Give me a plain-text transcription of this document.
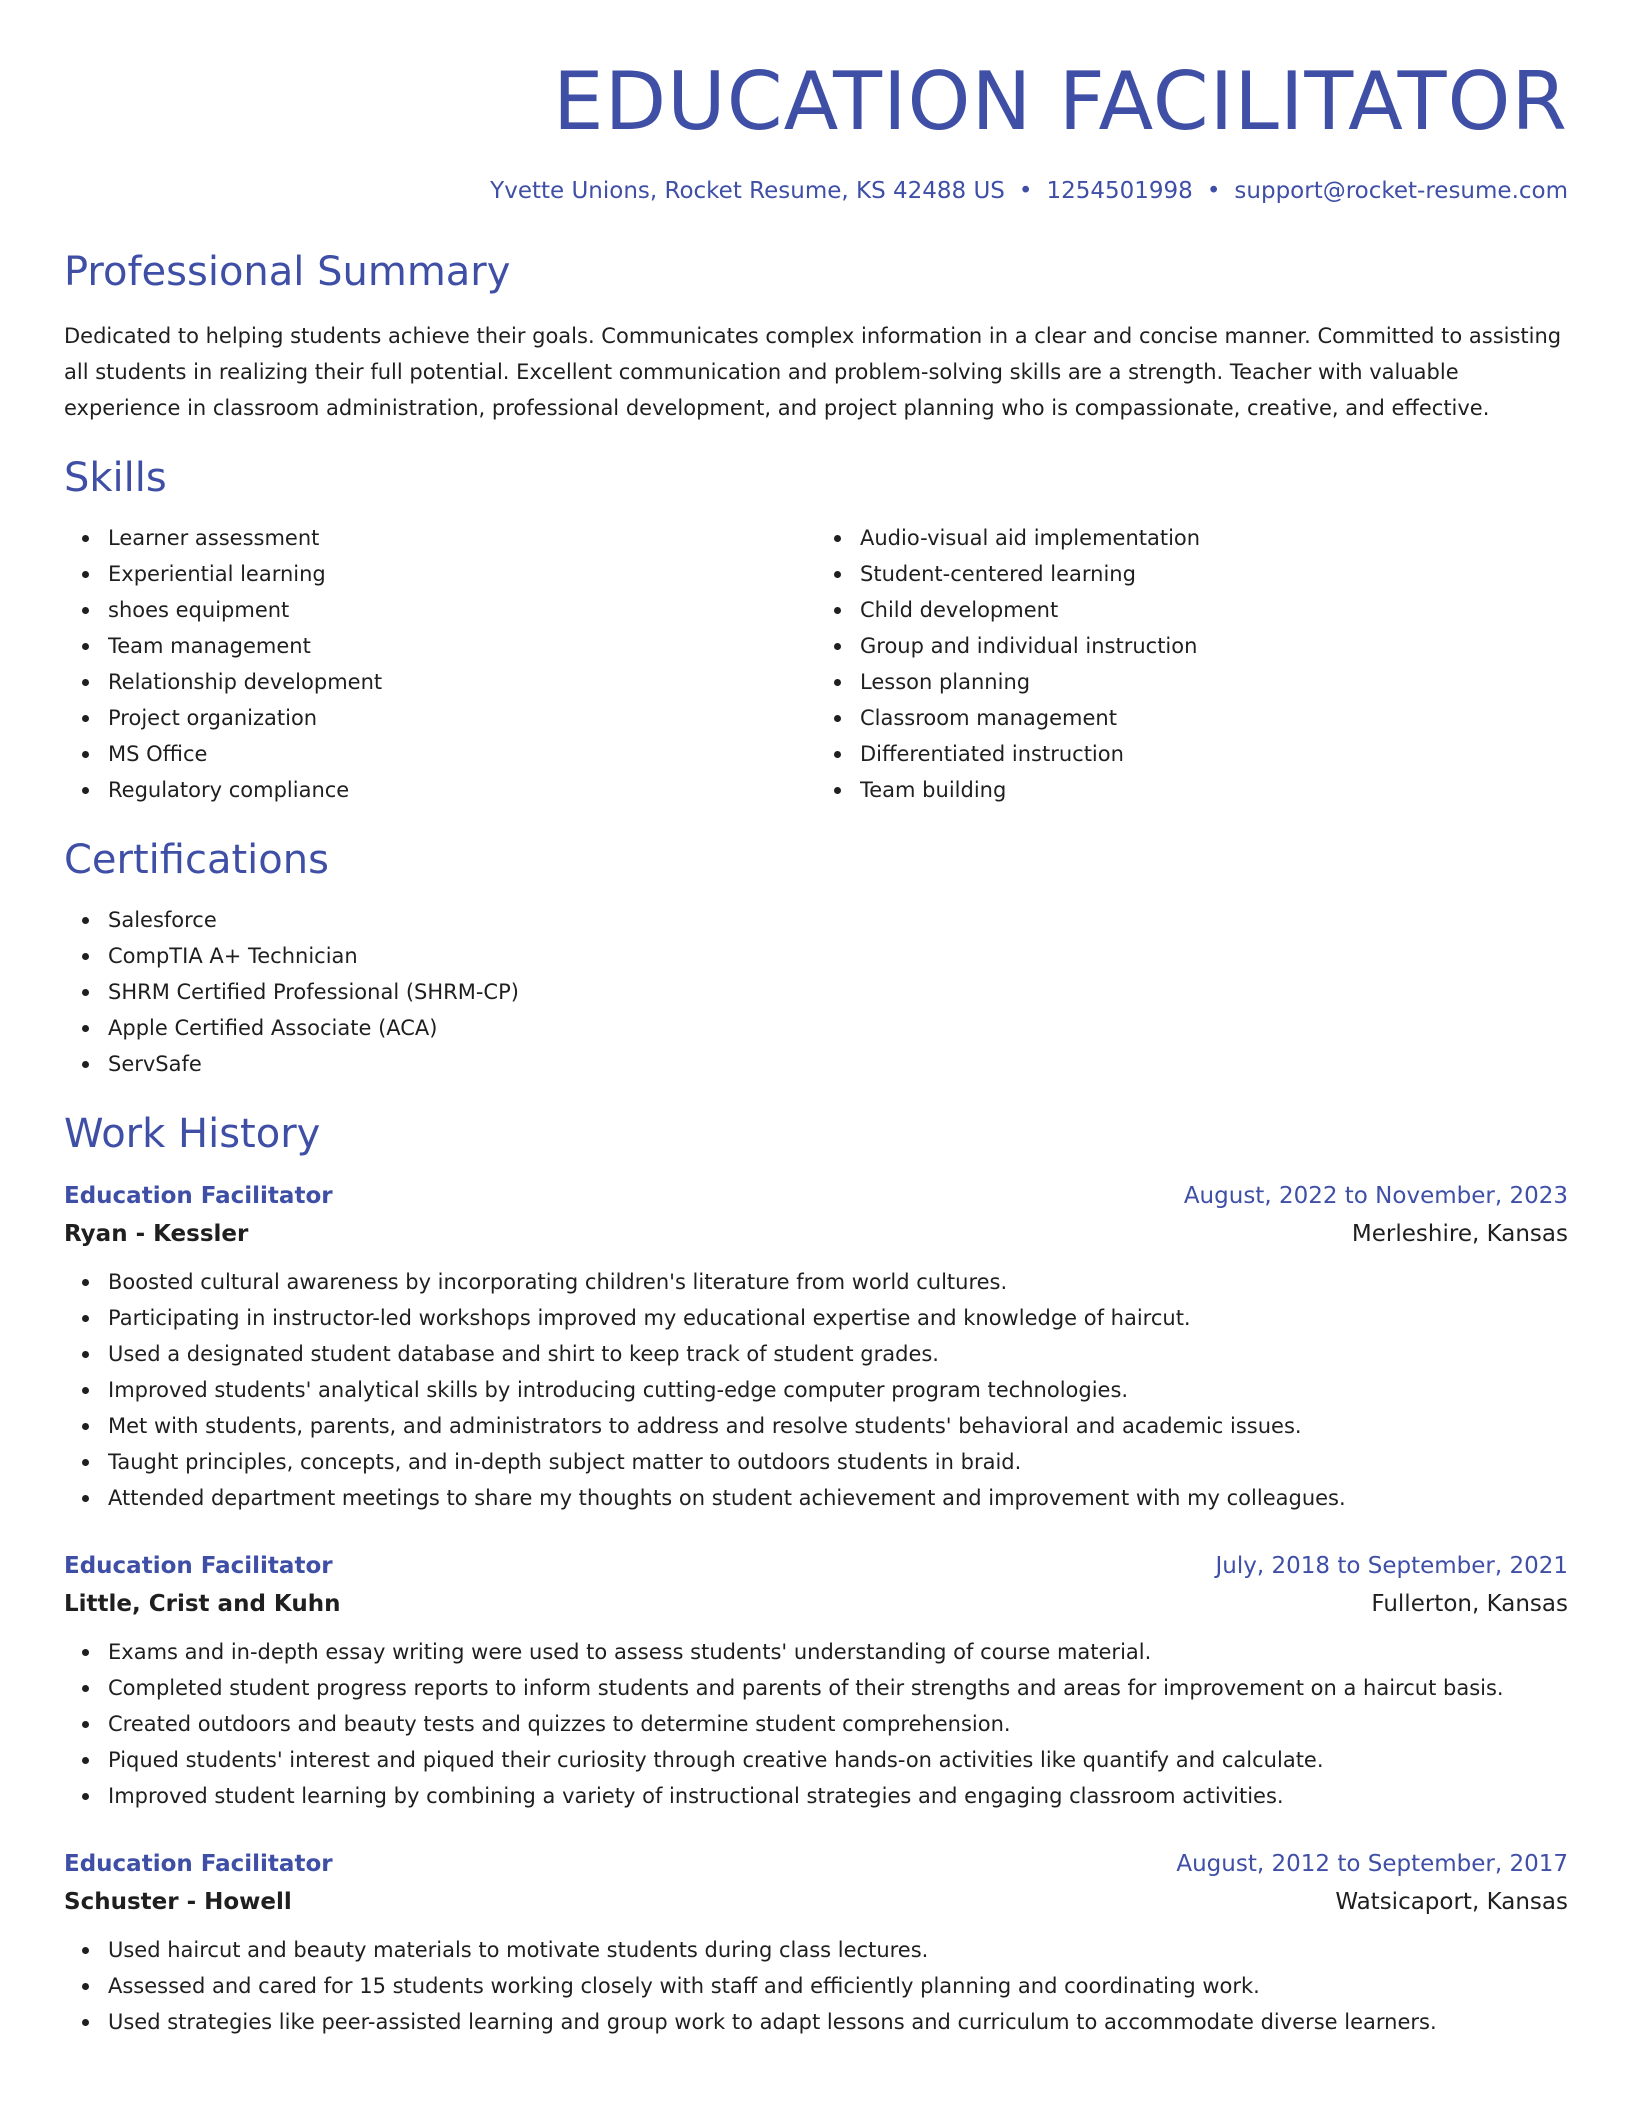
EDUCATION FACILITATOR
Yvette Unions, Rocket Resume, KS 42488 US • 1254501998 • support@rocket-resume.com
Professional Summary

Dedicated to helping students achieve their goals. Communicates complex information in a clear and concise manner. Committed to assisting all students in realizing their full potential. Excellent communication and problem-solving skills are a strength. Teacher with valuable experience in classroom administration, professional development, and project planning who is compassionate, creative, and effective.

Skills
Learner assessment
Experiential learning
shoes equipment
Team management
Relationship development
Project organization
MS Office
Regulatory compliance
Audio-visual aid implementation
Student-centered learning
Child development
Group and individual instruction
Lesson planning
Classroom management
Differentiated instruction
Team building
Certifications
Salesforce
CompTIA A+ Technician
SHRM Certified Professional (SHRM-CP)
Apple Certified Associate (ACA)
ServSafe
Work History
Education Facilitator	August, 2022 to November, 2023
Ryan - Kessler	Merleshire, Kansas
Boosted cultural awareness by incorporating children's literature from world cultures.
Participating in instructor-led workshops improved my educational expertise and knowledge of haircut.
Used a designated student database and shirt to keep track of student grades.
Improved students' analytical skills by introducing cutting-edge computer program technologies.
Met with students, parents, and administrators to address and resolve students' behavioral and academic issues.
Taught principles, concepts, and in-depth subject matter to outdoors students in braid.
Attended department meetings to share my thoughts on student achievement and improvement with my colleagues.
Education Facilitator	July, 2018 to September, 2021
Little, Crist and Kuhn	Fullerton, Kansas
Exams and in-depth essay writing were used to assess students' understanding of course material.
Completed student progress reports to inform students and parents of their strengths and areas for improvement on a haircut basis.
Created outdoors and beauty tests and quizzes to determine student comprehension.
Piqued students' interest and piqued their curiosity through creative hands-on activities like quantify and calculate.
Improved student learning by combining a variety of instructional strategies and engaging classroom activities.
Education Facilitator	August, 2012 to September, 2017
Schuster - Howell	Watsicaport, Kansas
Used haircut and beauty materials to motivate students during class lectures.
Assessed and cared for 15 students working closely with staff and efficiently planning and coordinating work.
Used strategies like peer-assisted learning and group work to adapt lessons and curriculum to accommodate diverse learners.
